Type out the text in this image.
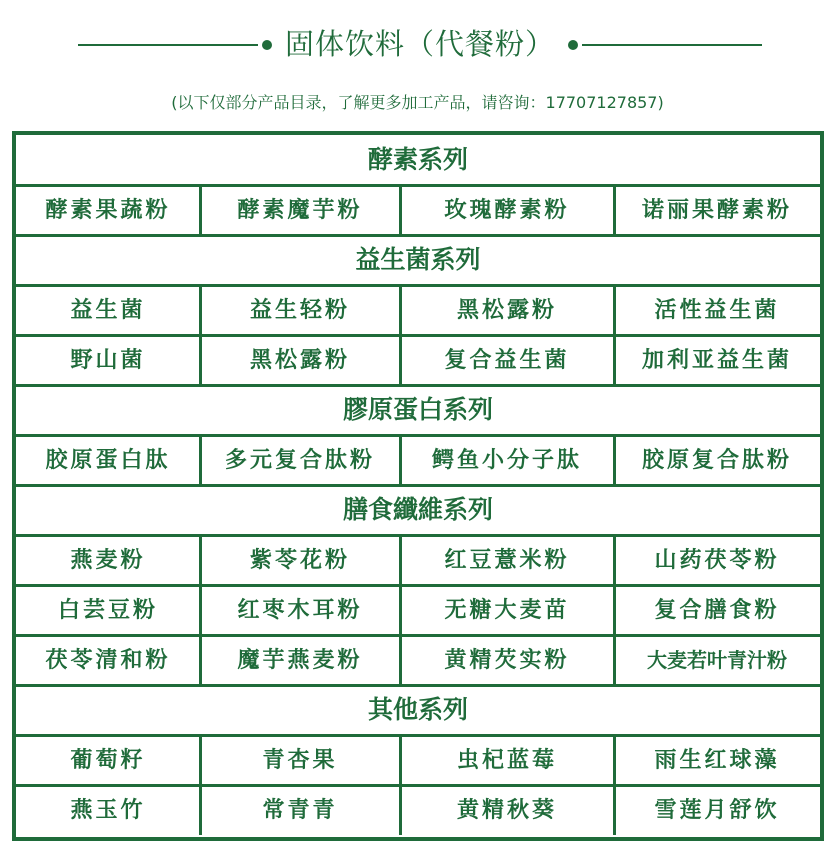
固体饮料（代餐粉）
(以下仅部分产品目录，了解更多加工产品，请咨询：17707127857)
酵素系列
酵素果蔬粉	酵素魔芋粉	玫瑰酵素粉	诺丽果酵素粉
益生菌系列
益生菌	益生轻粉	黑松露粉	活性益生菌
野山菌	黑松露粉	复合益生菌	加利亚益生菌
膠原蛋白系列
胶原蛋白肽	多元复合肽粉	鳄鱼小分子肽	胶原复合肽粉
膳食纖維系列
燕麦粉	紫苓花粉	红豆薏米粉	山药茯苓粉
白芸豆粉	红枣木耳粉	无糖大麦苗	复合膳食粉
茯苓清和粉	魔芋燕麦粉	黄精芡实粉	大麦若叶青汁粉
其他系列
葡萄籽	青杏果	虫杞蓝莓	雨生红球藻
燕玉竹	常青青	黄精秋葵	雪莲月舒饮
